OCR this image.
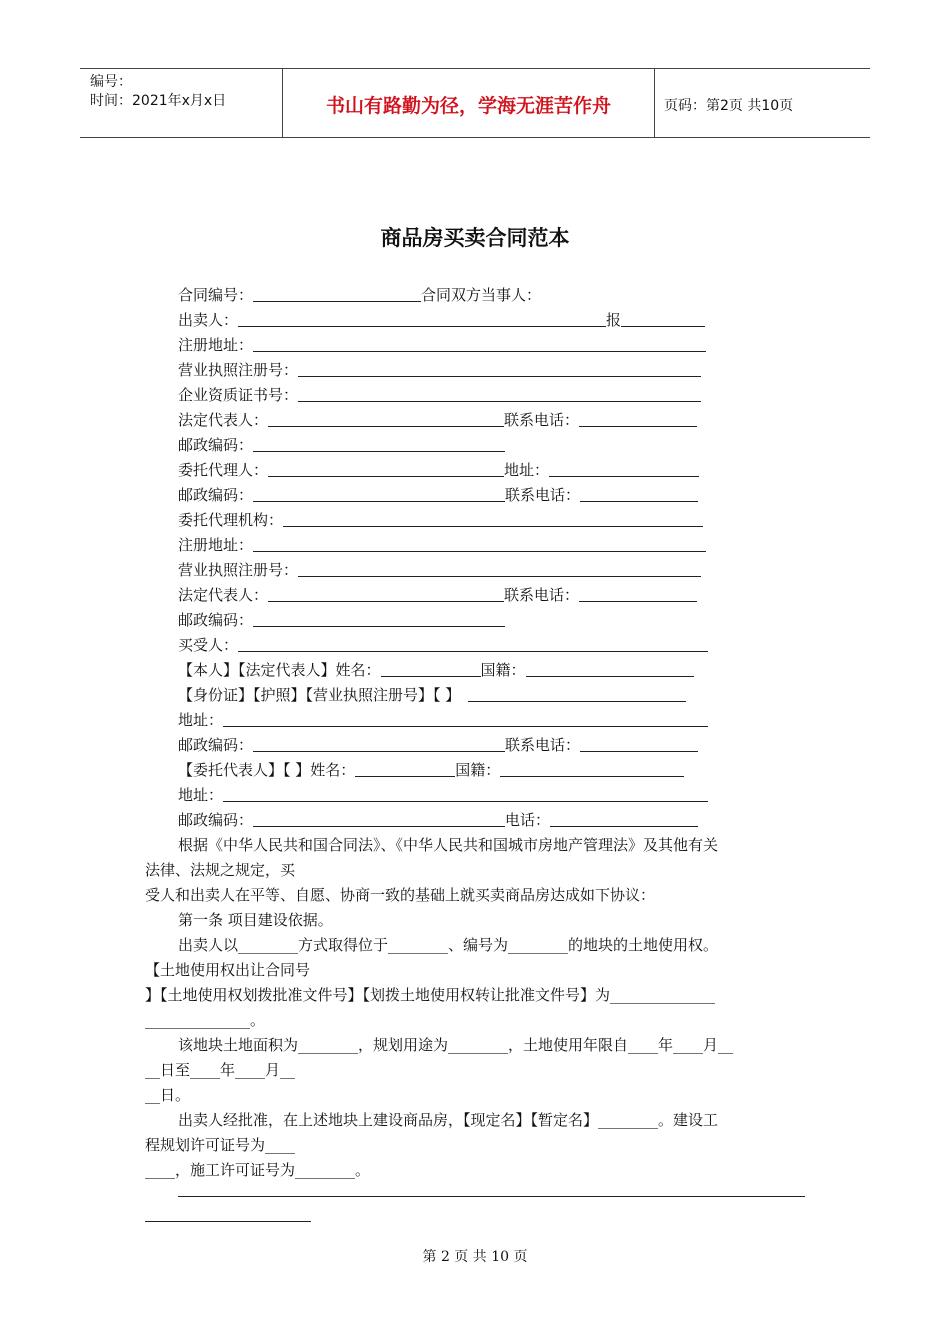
编号：
时间：2021年x月x日	书山有路勤为径，学海无涯苦作舟	页码：第2页 共10页
商品房买卖合同范本
合同编号：	合同双方当事人：
出卖人：	报
注册地址：
营业执照注册号：
企业资质证书号：
法定代表人：	联系电话：
邮政编码：
委托代理人：	地址：
邮政编码：	联系电话：
委托代理机构：
注册地址：
营业执照注册号：
法定代表人：	联系电话：
邮政编码：
买受人：
【本人】【法定代表人】姓名：	国籍：
【身份证】【护照】【营业执照注册号】【 】
地址：
邮政编码：	联系电话：
【委托代表人】【 】姓名：	国籍：
地址：
邮政编码：	电话：
根据《中华人民共和国合同法》、《中华人民共和国城市房地产管理法》及其他有关
法律、法规之规定，买
受人和出卖人在平等、自愿、协商一致的基础上就买卖商品房达成如下协议：
第一条 项目建设依据。
出卖人以________方式取得位于________、编号为________的地块的土地使用权。
【土地使用权出让合同号
】【土地使用权划拨批准文件号】【划拨土地使用权转让批准文件号】为______________
______________。
该地块土地面积为________，规划用途为________，土地使用年限自____年____月__
__日至____年____月__
__日。
出卖人经批准，在上述地块上建设商品房，【现定名】【暂定名】________。建设工
程规划许可证号为____
____，施工许可证号为________。
第 2 页 共 10 页
